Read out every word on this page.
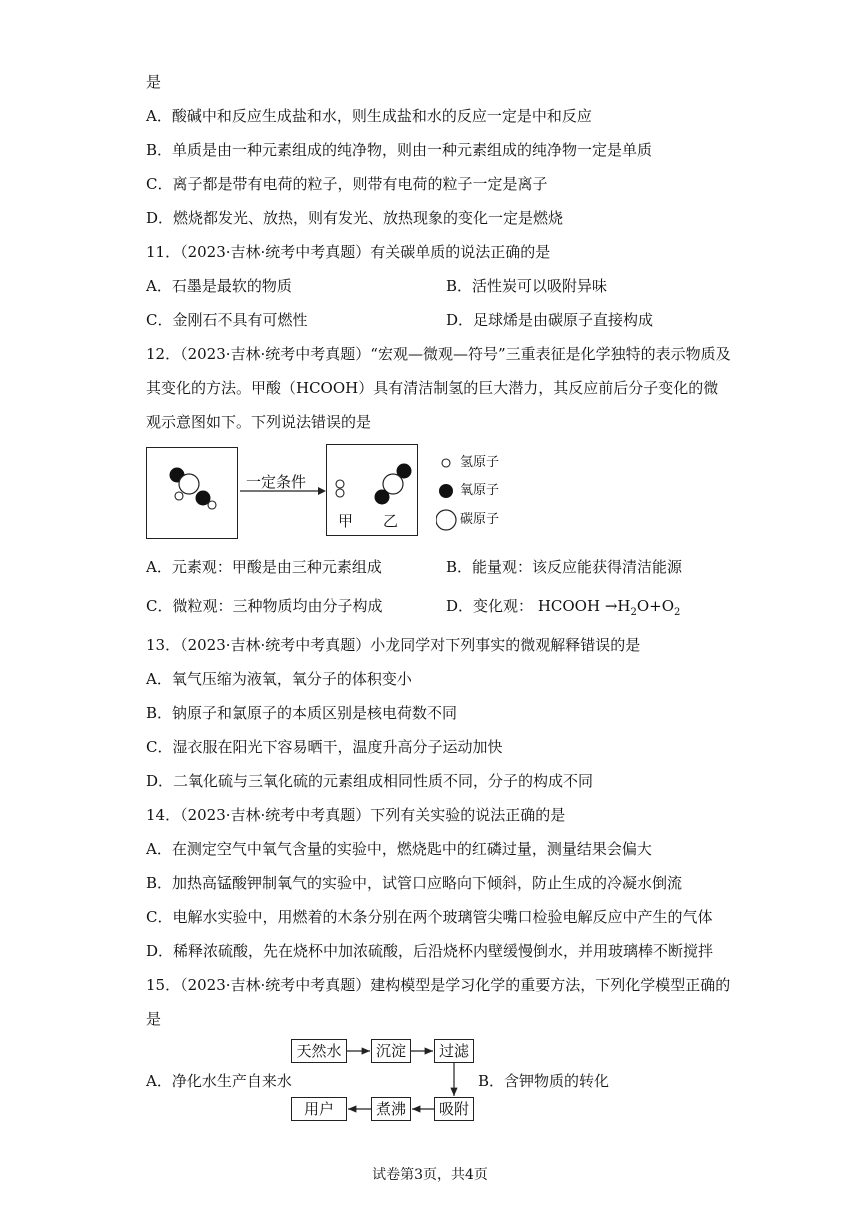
是
A．酸碱中和反应生成盐和水，则生成盐和水的反应一定是中和反应
B．单质是由一种元素组成的纯净物，则由一种元素组成的纯净物一定是单质
C．离子都是带有电荷的粒子，则带有电荷的粒子一定是离子
D．燃烧都发光、放热，则有发光、放热现象的变化一定是燃烧
11．（2023·吉林·统考中考真题）有关碳单质的说法正确的是
A．石墨是最软的物质	B．活性炭可以吸附异味
C．金刚石不具有可燃性	D．足球烯是由碳原子直接构成
12．（2023·吉林·统考中考真题）“宏观—微观—符号”三重表征是化学独特的表示物质及
其变化的方法。甲酸（HCOOH）具有清洁制氢的巨大潜力，其反应前后分子变化的微
观示意图如下。下列说法错误的是
一定条件
甲 乙
氢原子
氧原子
碳原子
A．元素观：甲酸是由三种元素组成	B．能量观：该反应能获得清洁能源
C．微粒观：三种物质均由分子构成	D．变化观： HCOOH $\to H_2O+O_2$
13．（2023·吉林·统考中考真题）小龙同学对下列事实的微观解释错误的是
A．氧气压缩为液氧，氧分子的体积变小
B．钠原子和氯原子的本质区别是核电荷数不同
C．湿衣服在阳光下容易晒干，温度升高分子运动加快
D．二氧化硫与三氧化硫的元素组成相同性质不同，分子的构成不同
14．（2023·吉林·统考中考真题）下列有关实验的说法正确的是
A．在测定空气中氧气含量的实验中，燃烧匙中的红磷过量，测量结果会偏大
B．加热高锰酸钾制氧气的实验中，试管口应略向下倾斜，防止生成的冷凝水倒流
C．电解水实验中，用燃着的木条分别在两个玻璃管尖嘴口检验电解反应中产生的气体
D．稀释浓硫酸，先在烧杯中加浓硫酸，后沿烧杯内壁缓慢倒水，并用玻璃棒不断搅拌
15．（2023·吉林·统考中考真题）建构模型是学习化学的重要方法，下列化学模型正确的
是
A．净化水生产自来水	B．含钾物质的转化
天然水	沉淀	过滤
吸附
煮沸
用户
试卷第3页，共4页
